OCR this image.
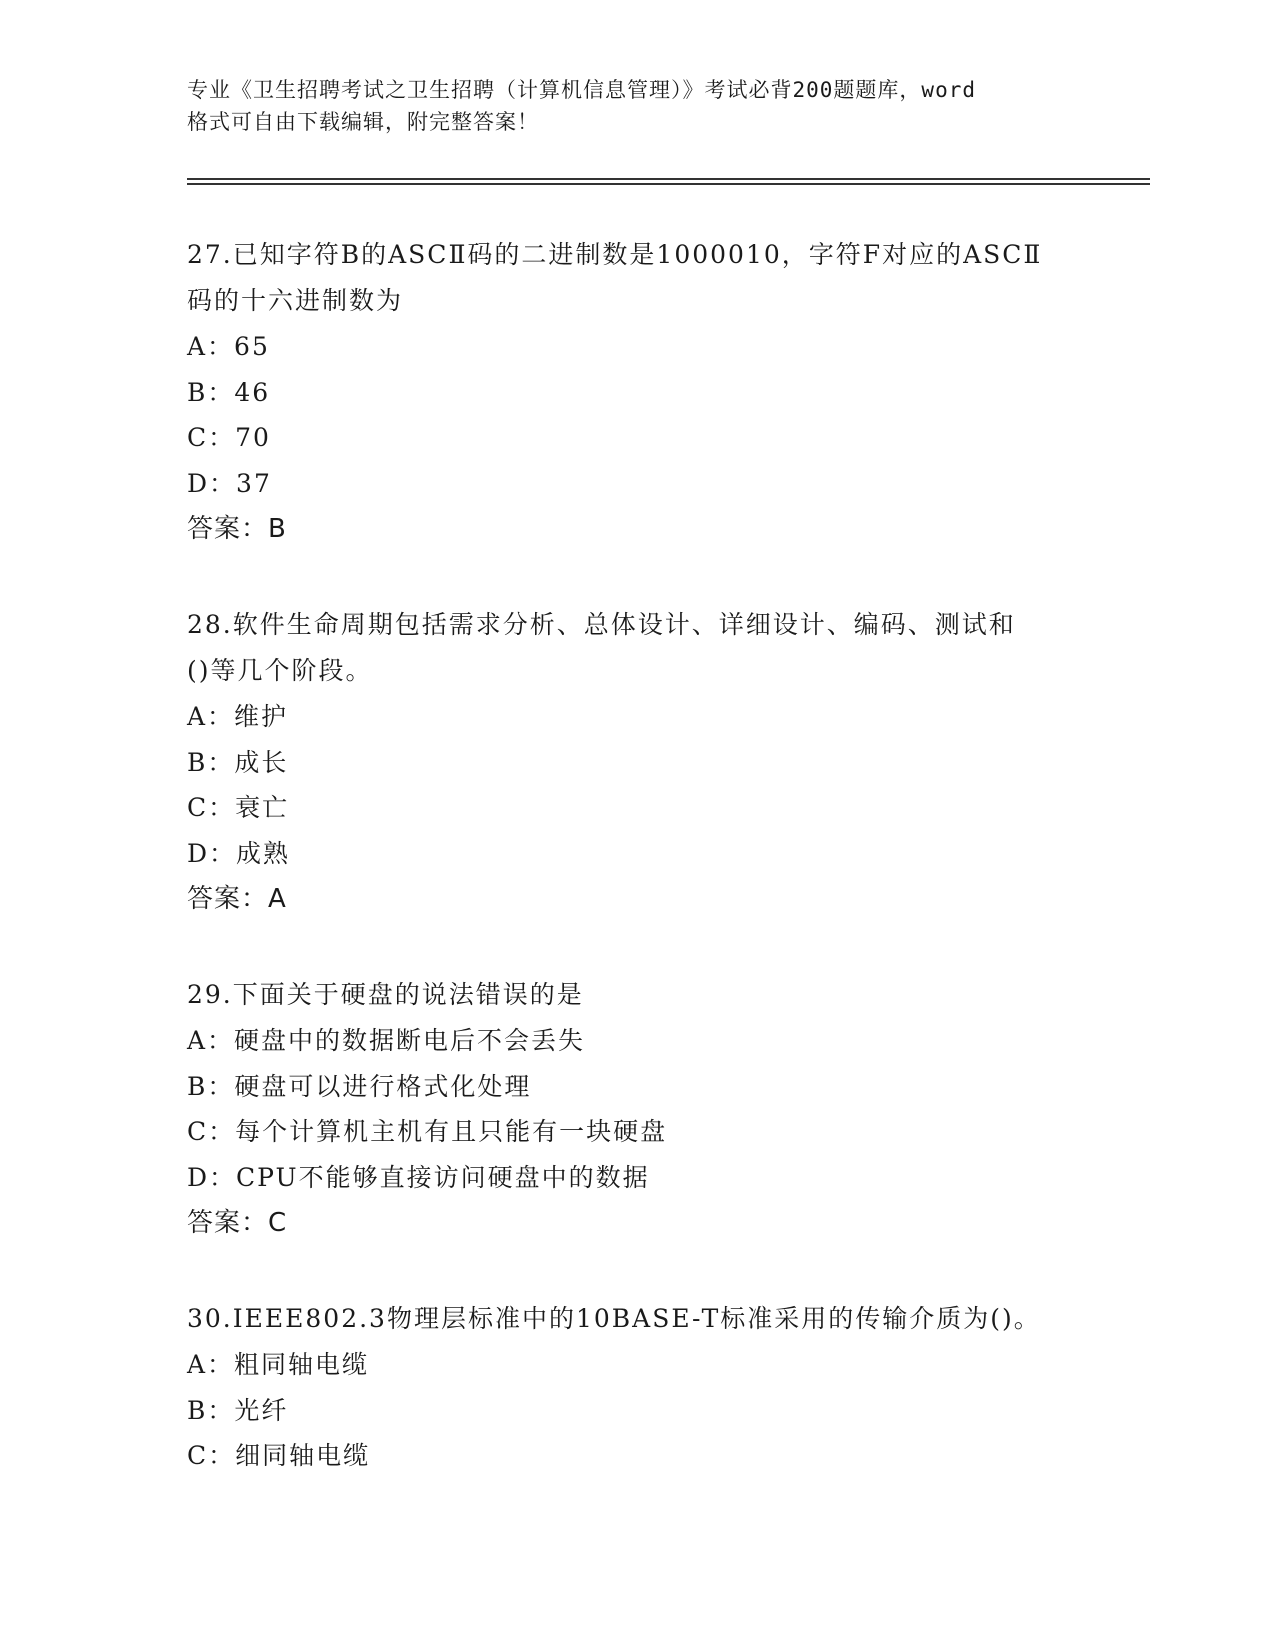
专业《卫生招聘考试之卫生招聘（计算机信息管理）》考试必背200题题库，word
格式可自由下载编辑，附完整答案！
27.已知字符B的ASCⅡ码的二进制数是1000010，字符F对应的ASCⅡ
码的十六进制数为
A：65
B：46
C：70
D：37
答案：B
28.软件生命周期包括需求分析、总体设计、详细设计、编码、测试和
()等几个阶段。
A：维护
B：成长
C：衰亡
D：成熟
答案：A
29.下面关于硬盘的说法错误的是
A：硬盘中的数据断电后不会丢失
B：硬盘可以进行格式化处理
C：每个计算机主机有且只能有一块硬盘
D：CPU不能够直接访问硬盘中的数据
答案：C
30.IEEE802.3物理层标准中的10BASE-T标准采用的传输介质为()。
A：粗同轴电缆
B：光纤
C：细同轴电缆
